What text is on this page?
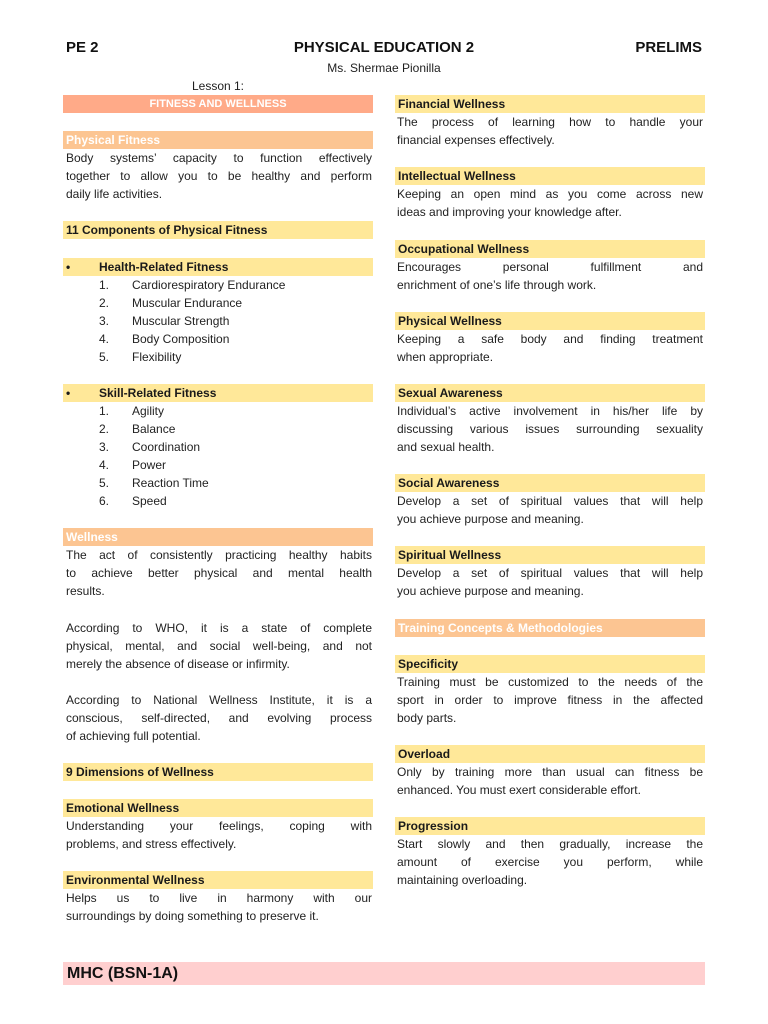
PE 2	PHYSICAL EDUCATION 2	PRELIMS
Ms. Shermae Pionilla
Lesson 1:
FITNESS AND WELLNESS
Physical Fitness
Body systems’ capacity to function effectively
together to allow you to be healthy and perform
daily life activities.
11 Components of Physical Fitness
•
Health-Related Fitness
1. Cardiorespiratory Endurance
2. Muscular Endurance
3. Muscular Strength
4. Body Composition
5. Flexibility
•
Skill-Related Fitness
1. Agility
2. Balance
3. Coordination
4. Power
5. Reaction Time
6. Speed
Wellness
The act of consistently practicing healthy habits
to achieve better physical and mental health
results.
According to WHO, it is a state of complete
physical, mental, and social well-being, and not
merely the absence of disease or infirmity.
According to National Wellness Institute, it is a
conscious, self-directed, and evolving process
of achieving full potential.
9 Dimensions of Wellness
Emotional Wellness
Understanding your feelings, coping with
problems, and stress effectively.
Environmental Wellness
Helps us to live in harmony with our
surroundings by doing something to preserve it.
Financial Wellness
The process of learning how to handle your
financial expenses effectively.
Intellectual Wellness
Keeping an open mind as you come across new
ideas and improving your knowledge after.
Occupational Wellness
Encourages personal fulfillment and
enrichment of one’s life through work.
Physical Wellness
Keeping a safe body and finding treatment
when appropriate.
Sexual Awareness
Individual’s active involvement in his/her life by
discussing various issues surrounding sexuality
and sexual health.
Social Awareness
Develop a set of spiritual values that will help
you achieve purpose and meaning.
Spiritual Wellness
Develop a set of spiritual values that will help
you achieve purpose and meaning.
Training Concepts & Methodologies
Specificity
Training must be customized to the needs of the
sport in order to improve fitness in the affected
body parts.
Overload
Only by training more than usual can fitness be
enhanced. You must exert considerable effort.
Progression
Start slowly and then gradually, increase the
amount of exercise you perform, while
maintaining overloading.
MHC (BSN-1A)
